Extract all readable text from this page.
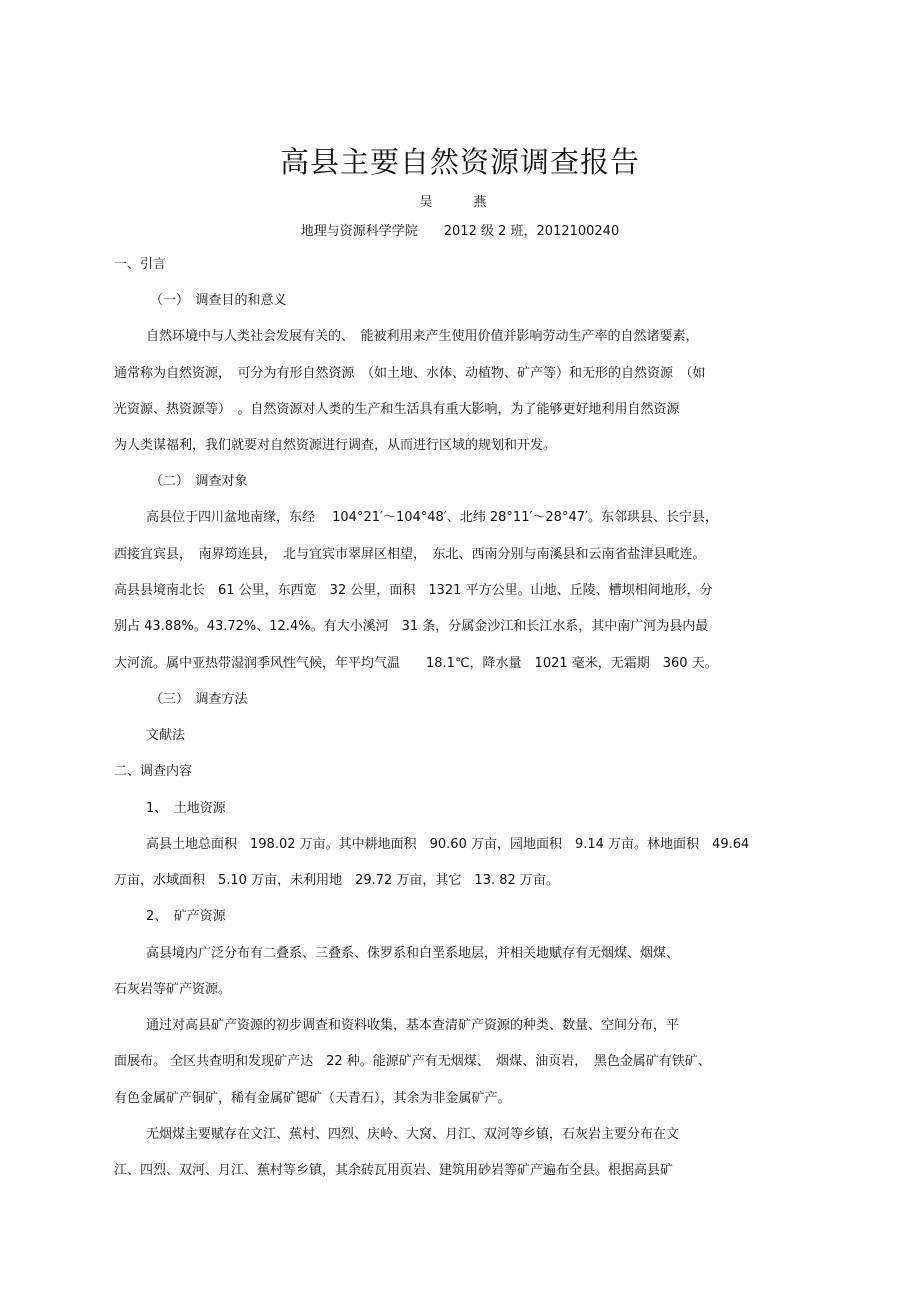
高县主要自然资源调查报告
吴　燕
地理与资源科学学院　　2012 级 2 班，2012100240
一、引言
（一）　调查目的和意义
自然环境中与人类社会发展有关的、　能被利用来产生使用价值并影响劳动生产率的自然诸要素，
通常称为自然资源，　可分为有形自然资源　（如土地、水体、动植物、矿产等）和无形的自然资源　（如
光资源、热资源等）　。自然资源对人类的生产和生活具有重大影响，为了能够更好地利用自然资源
为人类谋福利，我们就要对自然资源进行调查，从而进行区域的规划和开发。
（二）　调查对象
高县位于四川盆地南缘，东经　 104°21′～104°48′、北纬 28°11′～28°47′。东邻珙县、长宁县，
西接宜宾县，　南界筠连县，　北与宜宾市翠屏区相望，　东北、西南分别与南溪县和云南省盐津县毗连。
高县县境南北长　61 公里，东西宽　32 公里，面积　1321 平方公里。山地、丘陵、槽坝相间地形，分
别占 43.88%。43.72%、12.4%。有大小溪河　31 条，分属金沙江和长江水系，其中南广河为县内最
大河流。属中亚热带湿润季风性气候，年平均气温　　18.1℃，降水量　1021 毫米，无霜期　360 天。
（三）　调查方法
文献法
二、调查内容
1、　土地资源
高县土地总面积　198.02 万亩。其中耕地面积　90.60 万亩，园地面积　9.14 万亩。林地面积　49.64
万亩，水域面积　5.10 万亩，未利用地　29.72 万亩，其它　13. 82 万亩。
2、　矿产资源
高县境内广泛分布有二叠系、三叠系、侏罗系和白垩系地层，并相关地赋存有无烟煤、烟煤、
石灰岩等矿产资源。
通过对高县矿产资源的初步调查和资料收集，基本查清矿产资源的种类、数量、空间分布，平
面展布。 全区共查明和发现矿产达　22 种。能源矿产有无烟煤、　烟煤、油页岩，　黑色金属矿有铁矿、
有色金属矿产铜矿，稀有金属矿锶矿（天青石），其余为非金属矿产。
无烟煤主要赋存在文江、蕉村、四烈、庆岭、大窝、月江、双河等乡镇，石灰岩主要分布在文
江、四烈、双河、月江、蕉村等乡镇，其余砖瓦用页岩、建筑用砂岩等矿产遍布全县。根据高县矿
